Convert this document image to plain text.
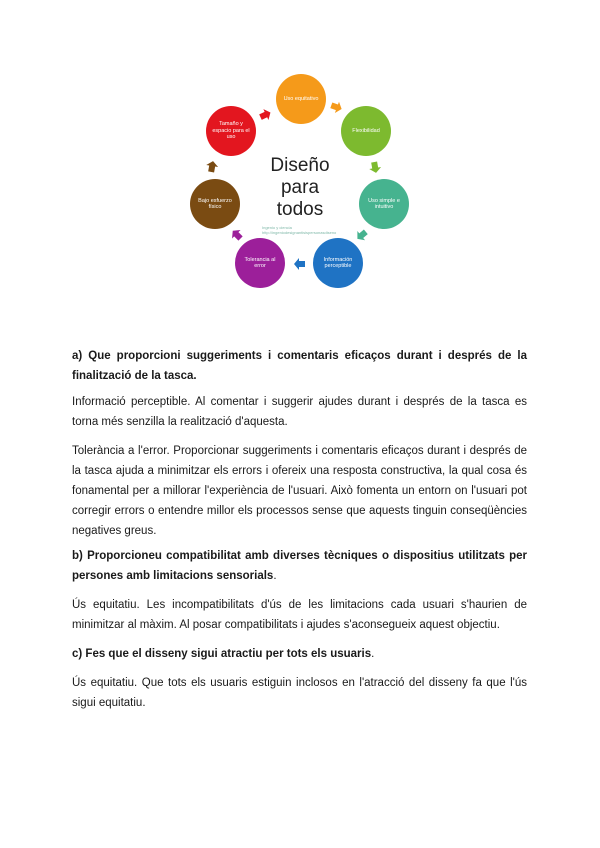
Diseño
para
todos
Ingenio y ciencia
http://ingeniodesignantisispersonasdiseno
Uso equitativo
Flexibilidad
Uso simple e intuitivo
Información perceptible
Tolerancia al error
Bajo esfuerzo físico
Tamaño y espacio para el uso

a) Que proporcioni suggeriments i comentaris eficaços durant i després de la finalització de la tasca.

Informació perceptible. Al comentar i suggerir ajudes durant i després de la tasca es torna més senzilla la realització d'aquesta.

Tolerància a l'error. Proporcionar suggeriments i comentaris eficaços durant i després de la tasca ajuda a minimitzar els errors i ofereix una resposta constructiva, la qual cosa és fonamental per a millorar l'experiència de l'usuari. Això fomenta un entorn on l'usuari pot corregir errors o entendre millor els processos sense que aquests tinguin conseqüències negatives greus.

b) Proporcioneu compatibilitat amb diverses tècniques o dispositius utilitzats per persones amb limitacions sensorials.

Ús equitatiu. Les incompatibilitats d'ús de les limitacions cada usuari s'haurien de minimitzar al màxim. Al posar compatibilitats i ajudes s'aconsegueix aquest objectiu.

c) Fes que el disseny sigui atractiu per tots els usuaris.

Ús equitatiu. Que tots els usuaris estiguin inclosos en l'atracció del disseny fa que l'ús sigui equitatiu.
